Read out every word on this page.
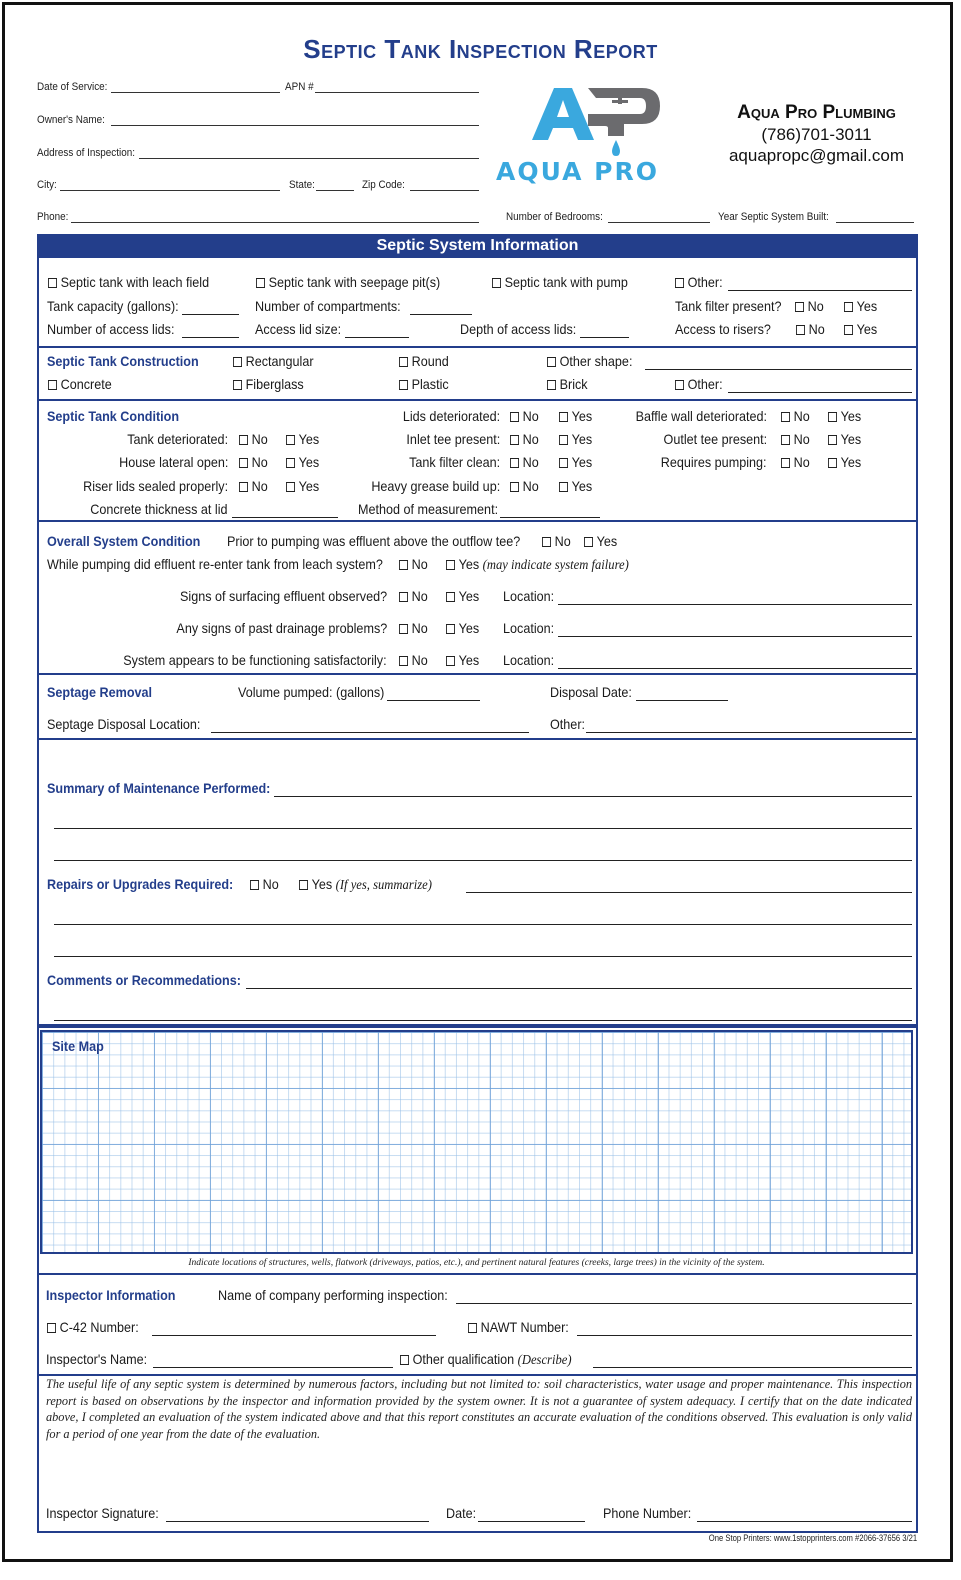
Septic Tank Inspection Report
Date of Service:	APN #
Owner's Name:
Address of Inspection:
City:	State:	Zip Code:
Phone:	Number of Bedrooms:	Year Septic System Built:
AQUA PRO
Aqua Pro Plumbing
(786)701-3011
aquapropc@gmail.com
Septic System Information
Septic tank with leach field	Septic tank with seepage pit(s)	Septic tank with pump	Other:
Tank capacity (gallons):	Number of compartments:	Tank filter present?	No	Yes
Number of access lids:	Access lid size:	Depth of access lids:	Access to risers?	No	Yes
Septic Tank Construction	Rectangular	Round	Other shape:
Concrete	Fiberglass	Plastic	Brick	Other:
Septic Tank Condition
Tank deteriorated:	No	Yes
House lateral open:	No	Yes
Riser lids sealed properly:	No	Yes
Concrete thickness at lid
Lids deteriorated:	No	Yes
Inlet tee present:	No	Yes
Tank filter clean:	No	Yes
Heavy grease build up:	No	Yes
Method of measurement:
Baffle wall deteriorated:	No	Yes
Outlet tee present:	No	Yes
Requires pumping:	No	Yes
Overall System Condition Prior to pumping was effluent above the outflow tee?	No	Yes
While pumping did effluent re-enter tank from leach system?	No	Yes (may indicate system failure)
Signs of surfacing effluent observed?	No	Yes Location:
Any signs of past drainage problems?	No	Yes Location:
System appears to be functioning satisfactorily:	No	Yes Location:
Septage Removal	Volume pumped: (gallons)	Disposal Date:
Septage Disposal Location:	Other:
Summary of Maintenance Performed:
Repairs or Upgrades Required:	No	Yes (If yes, summarize)
Comments or Recommedations:
Site Map
Indicate locations of structures, wells, flatwork (driveways, patios, etc.), and pertinent natural features (creeks, large trees) in the vicinity of the system.
Inspector Information	Name of company performing inspection:
C-42 Number:	NAWT Number:
Inspector's Name:	Other qualification (Describe)
The useful life of any septic system is determined by numerous factors, including but not limited to: soil characteristics, water usage and proper maintenance. This inspection report is based on observations by the inspector and information provided by the system owner. It is not a guarantee of system adequacy. I certify that on the date indicated above, I completed an evaluation of the system indicated above and that this report constitutes an accurate evaluation of the conditions observed. This evaluation is only valid for a period of one year from the date of the evaluation.
Inspector Signature:	Date:	Phone Number:
One Stop Printers: www.1stopprinters.com #2066-37656 3/21
